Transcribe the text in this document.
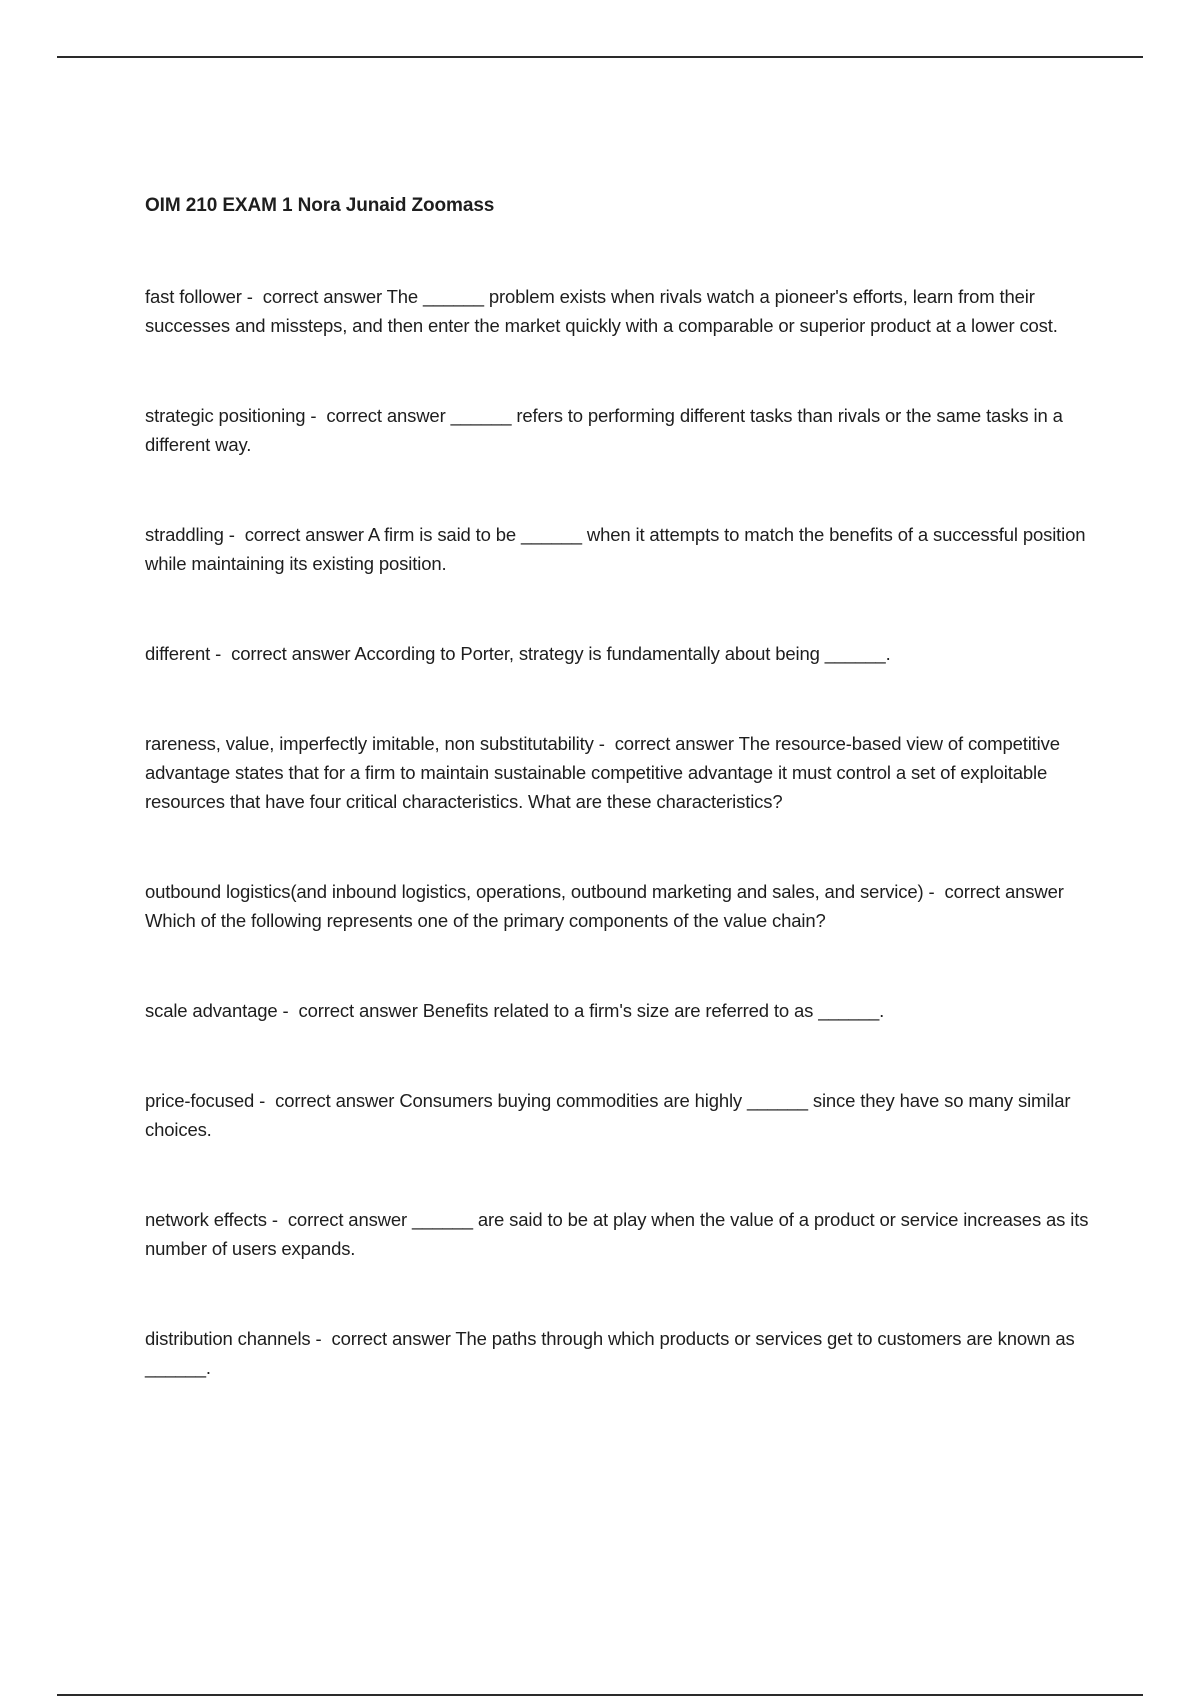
OIM 210 EXAM 1 Nora Junaid Zoomass
fast follower -  correct answer The ______ problem exists when rivals watch a pioneer's efforts, learn from their successes and missteps, and then enter the market quickly with a comparable or superior product at a lower cost.
strategic positioning -  correct answer ______ refers to performing different tasks than rivals or the same tasks in a different way.
straddling -  correct answer A firm is said to be ______ when it attempts to match the benefits of a successful position while maintaining its existing position.
different -  correct answer According to Porter, strategy is fundamentally about being ______.
rareness, value, imperfectly imitable, non substitutability -  correct answer The resource-based view of competitive advantage states that for a firm to maintain sustainable competitive advantage it must control a set of exploitable resources that have four critical characteristics. What are these characteristics?
outbound logistics(and inbound logistics, operations, outbound marketing and sales, and service) -  correct answer Which of the following represents one of the primary components of the value chain?
scale advantage -  correct answer Benefits related to a firm's size are referred to as ______.
price-focused -  correct answer Consumers buying commodities are highly ______ since they have so many similar choices.
network effects -  correct answer ______ are said to be at play when the value of a product or service increases as its number of users expands.
distribution channels -  correct answer The paths through which products or services get to customers are known as ______.
